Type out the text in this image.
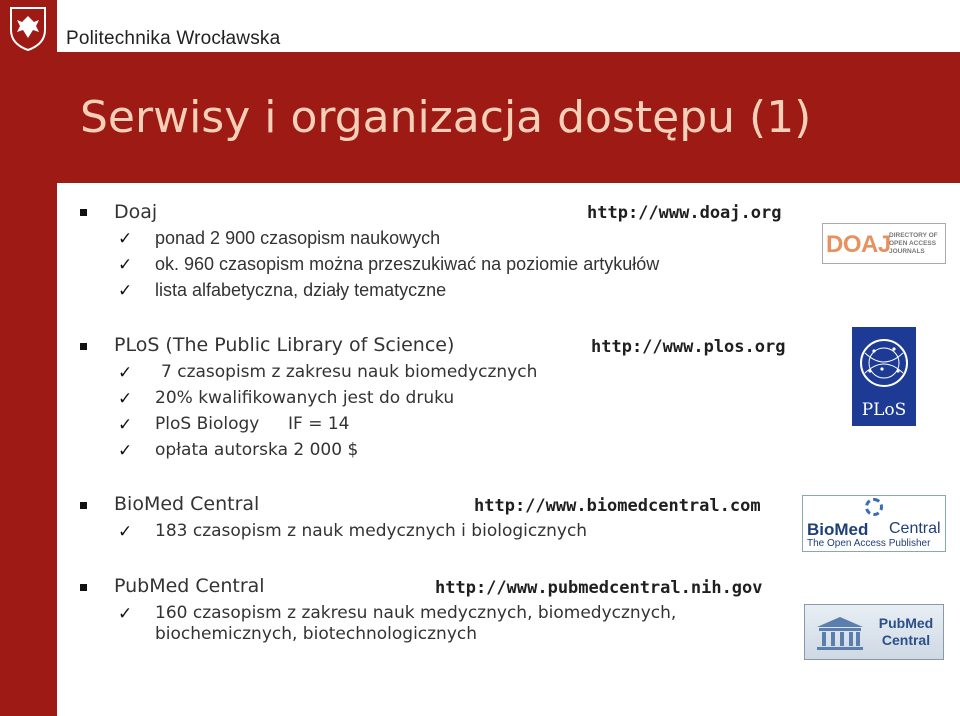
Politechnika Wrocławska
Serwisy i organizacja dostępu (1)
Doaj	http://www.doaj.org
✓ ponad 2 900 czasopism naukowych
✓ ok. 960 czasopism można przeszukiwać na poziomie artykułów
✓ lista alfabetyczna, działy tematyczne
DOAJ
DIRECTORY OF
OPEN ACCESS
JOURNALS
PLoS (The Public Library of Science)	http://www.plos.org
✓ 7 czasopism z zakresu nauk biomedycznych
✓ 20% kwalifikowanych jest do druku
✓ PloS Biology IF = 14
✓ opłata autorska 2 000 $
PLoS
BioMed Central	http://www.biomedcentral.com
✓ 183 czasopism z nauk medycznych i biologicznych	BioMed Central
The Open Access Publisher
PubMed Central	http://www.pubmedcentral.nih.gov
✓ 160 czasopism z zakresu nauk medycznych, biomedycznych,
biochemicznych, biotechnologicznych
PubMed
Central
